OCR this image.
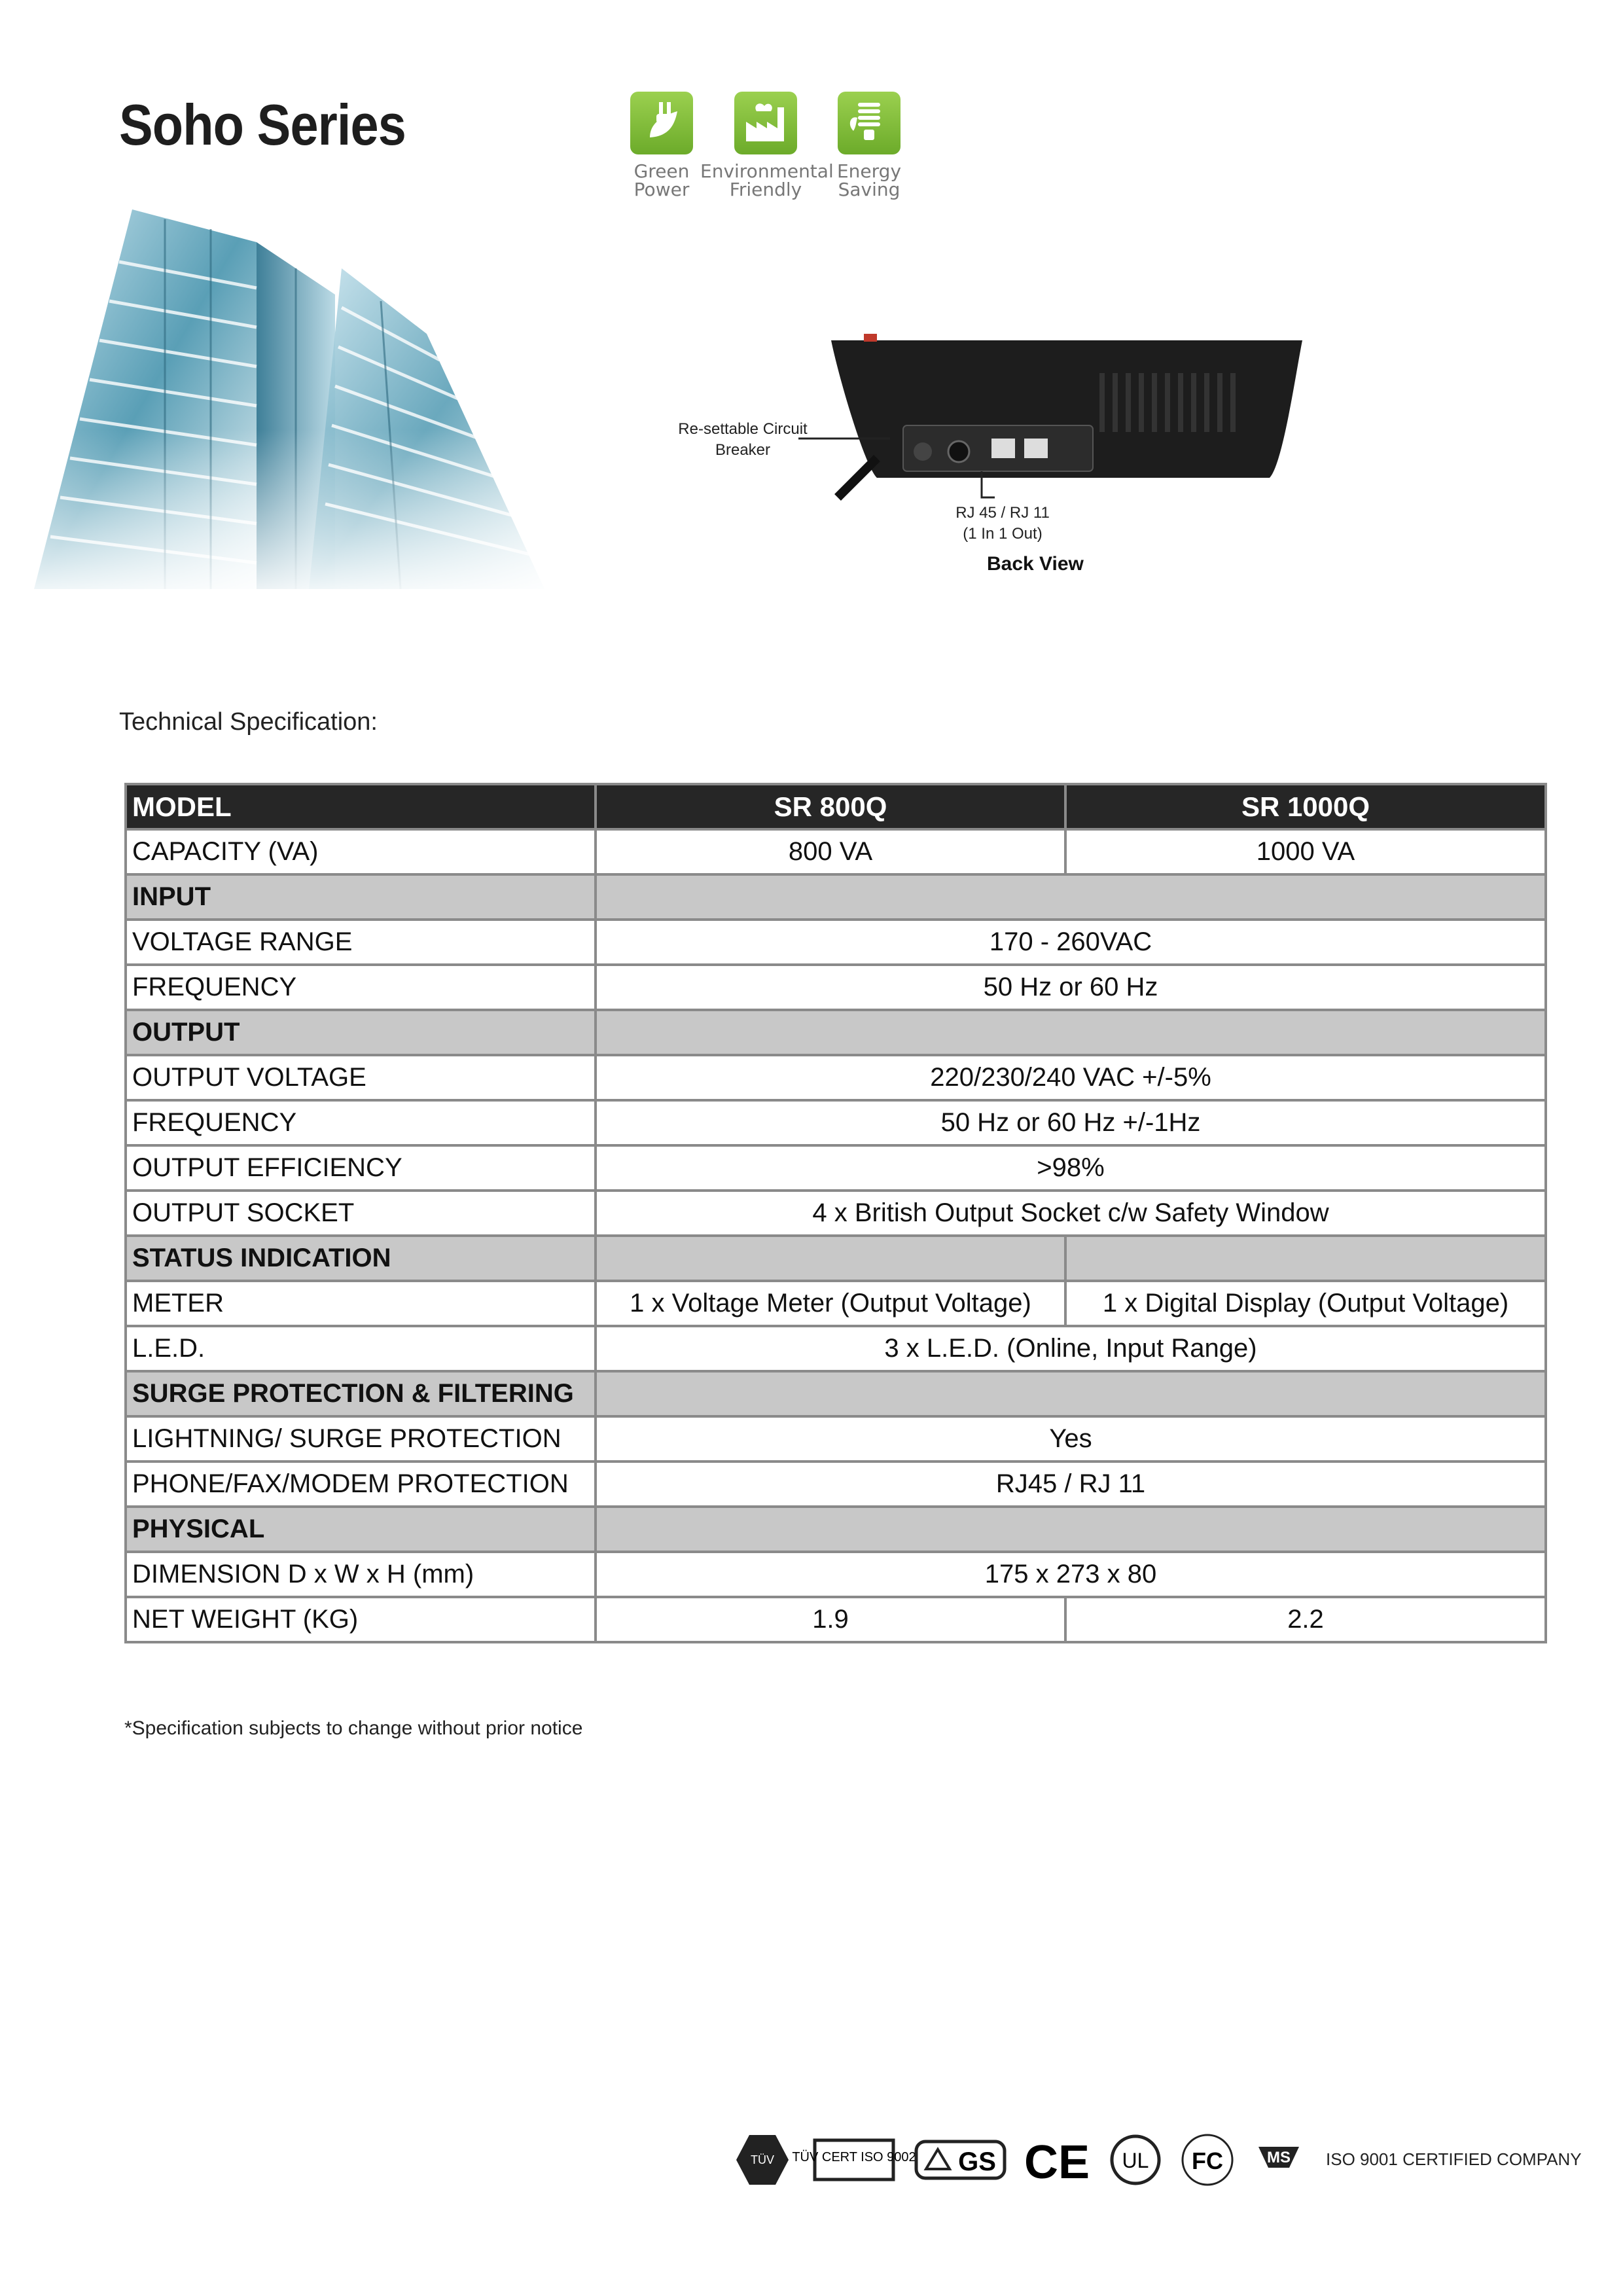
Soho Series
Green
Power
Environmental
Friendly
Energy
Saving
Re-settable Circuit
Breaker
RJ 45 / RJ 11
(1 In 1 Out)
Back View
Technical Specification:
MODEL	SR 800Q	SR 1000Q
CAPACITY (VA)	800 VA	1000 VA
INPUT		
VOLTAGE RANGE	170 - 260VAC	
FREQUENCY	50 Hz or 60 Hz	
OUTPUT		
OUTPUT VOLTAGE	220/230/240 VAC +/-5%	
FREQUENCY	50 Hz or 60 Hz +/-1Hz	
OUTPUT EFFICIENCY	>98%	
OUTPUT SOCKET	4 x British Output Socket c/w Safety Window	
STATUS INDICATION		
METER	1 x Voltage Meter (Output Voltage)	1 x Digital Display (Output Voltage)
L.E.D.	3 x L.E.D. (Online, Input Range)	
SURGE PROTECTION & FILTERING		
LIGHTNING/ SURGE PROTECTION	Yes	
PHONE/FAX/MODEM PROTECTION	RJ45 / RJ 11	
PHYSICAL		
DIMENSION D x W x H (mm)	175 x 273 x 80	
NET WEIGHT (KG)	1.9	2.2
*Specification subjects to change without prior notice
TÜV TÜV CERT ISO 9002 GS CE UL FC	MS ISO 9001 CERTIFIED COMPANY
